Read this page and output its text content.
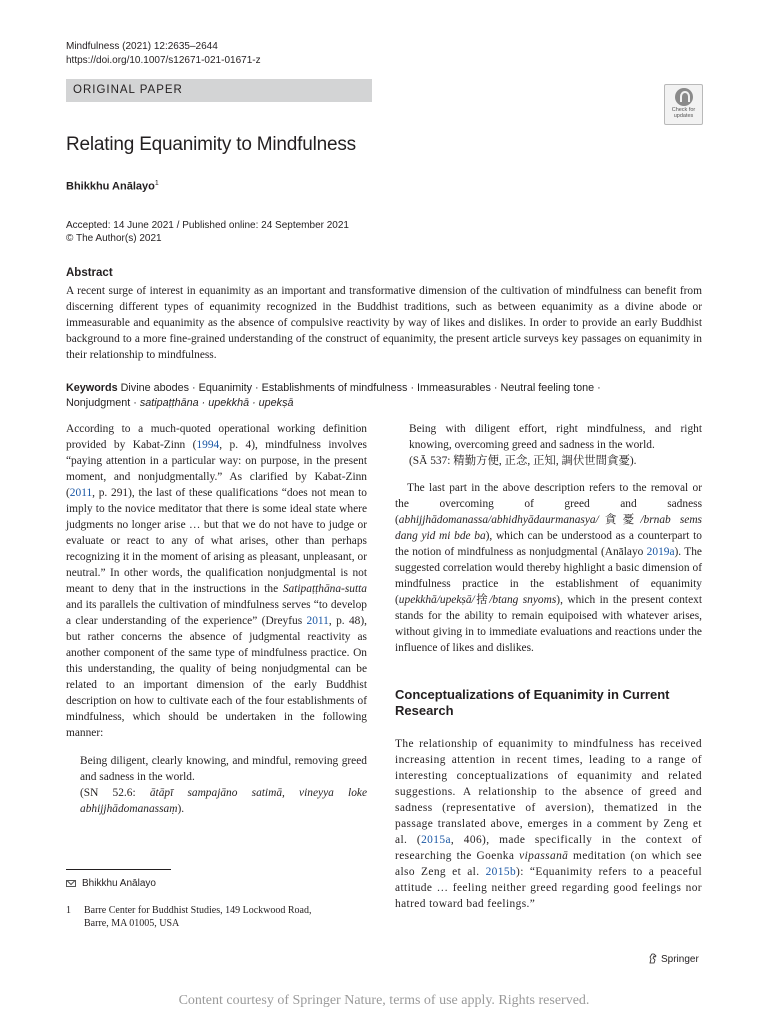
Mindfulness (2021) 12:2635–2644
https://doi.org/10.1007/s12671-021-01671-z
ORIGINAL PAPER
Check for
updates
Relating Equanimity to Mindfulness
Bhikkhu Anālayo$^1$
Accepted: 14 June 2021 / Published online: 24 September 2021
© The Author(s) 2021
Abstract

A recent surge of interest in equanimity as an important and transformative dimension of the cultivation of mindfulness can benefit from discerning different types of equanimity recognized in the Buddhist traditions, such as between equanimity as a divine abode or immeasurable and equanimity as the absence of compulsive reactivity by way of likes and dislikes. In order to provide an early Buddhist background to a more fine-grained understanding of the construct of equanimity, the present article surveys key passages on equanimity in their relationship to mindfulness.

Keywords Divine abodes · Equanimity · Establishments of mindfulness · Immeasurables · Neutral feeling tone ·
Nonjudgment · satipaṭṭhāna · upekkhā · upekṣā

According to a much-quoted operational working definition provided by Kabat-Zinn (1994, p. 4), mindfulness involves “paying attention in a particular way: on purpose, in the present moment, and nonjudgmentally.” As clarified by Kabat-Zinn (2011, p. 291), the last of these qualifications “does not mean to imply to the novice meditator that there is some ideal state where judgments no longer arise … but that we do not have to judge or evaluate or react to any of what arises, other than perhaps recognizing it in the moment of arising as pleasant, unpleasant, or neutral.” In other words, the qualification nonjudgmental is not meant to deny that in the instructions in the Satipaṭṭhāna-sutta and its parallels the cultivation of mindfulness serves “to develop a clear understanding of the experience” (Dreyfus 2011, p. 48), but rather concerns the absence of judgmental reactivity as another component of the same type of mindfulness practice. On this understanding, the quality of being nonjudgmental can be related to an important dimension of the early Buddhist description on how to cultivate each of the four establishments of mindfulness, which should be undertaken in the following manner:

Being diligent, clearly knowing, and mindful, removing greed and sadness in the world.
(SN 52.6: ātāpī sampajāno satimā, vineyya loke abhijjhādomanassaṃ).

Being with diligent effort, right mindfulness, and right knowing, overcoming greed and sadness in the world.
(SĀ 537: 精勤方便, 正念, 正知, 調伏世間貪憂).

The last part in the above description refers to the removal or the overcoming of greed and sadness (abhijjhādomanassa/abhidhyādaurmanasya/貪憂/brnab sems dang yid mi bde ba), which can be understood as a counterpart to the notion of mindfulness as nonjudgmental (Anālayo 2019a). The suggested correlation would thereby highlight a basic dimension of mindfulness practice in the establishment of equanimity (upekkhā/upekṣā/捨/btang snyoms), which in the present context stands for the ability to remain equipoised with whatever arises, without giving in to immediate evaluations and reactions under the influence of likes and dislikes.

Conceptualizations of Equanimity in Current Research

The relationship of equanimity to mindfulness has received increasing attention in recent times, leading to a range of interesting conceptualizations of equanimity and related suggestions. A relationship to the absence of greed and sadness (representative of aversion), thematized in the passage translated above, emerges in a comment by Zeng et al. (2015a, 406), made specifically in the context of researching the Goenka vipassanā meditation (on which see also Zeng et al. 2015b): “Equanimity refers to a peaceful attitude … feeling neither greed regarding good feelings nor hatred toward bad feelings.”

Bhikkhu Anālayo
1 Barre Center for Buddhist Studies, 149 Lockwood Road,
Barre, MA 01005, USA
Springer
Content courtesy of Springer Nature, terms of use apply. Rights reserved.
